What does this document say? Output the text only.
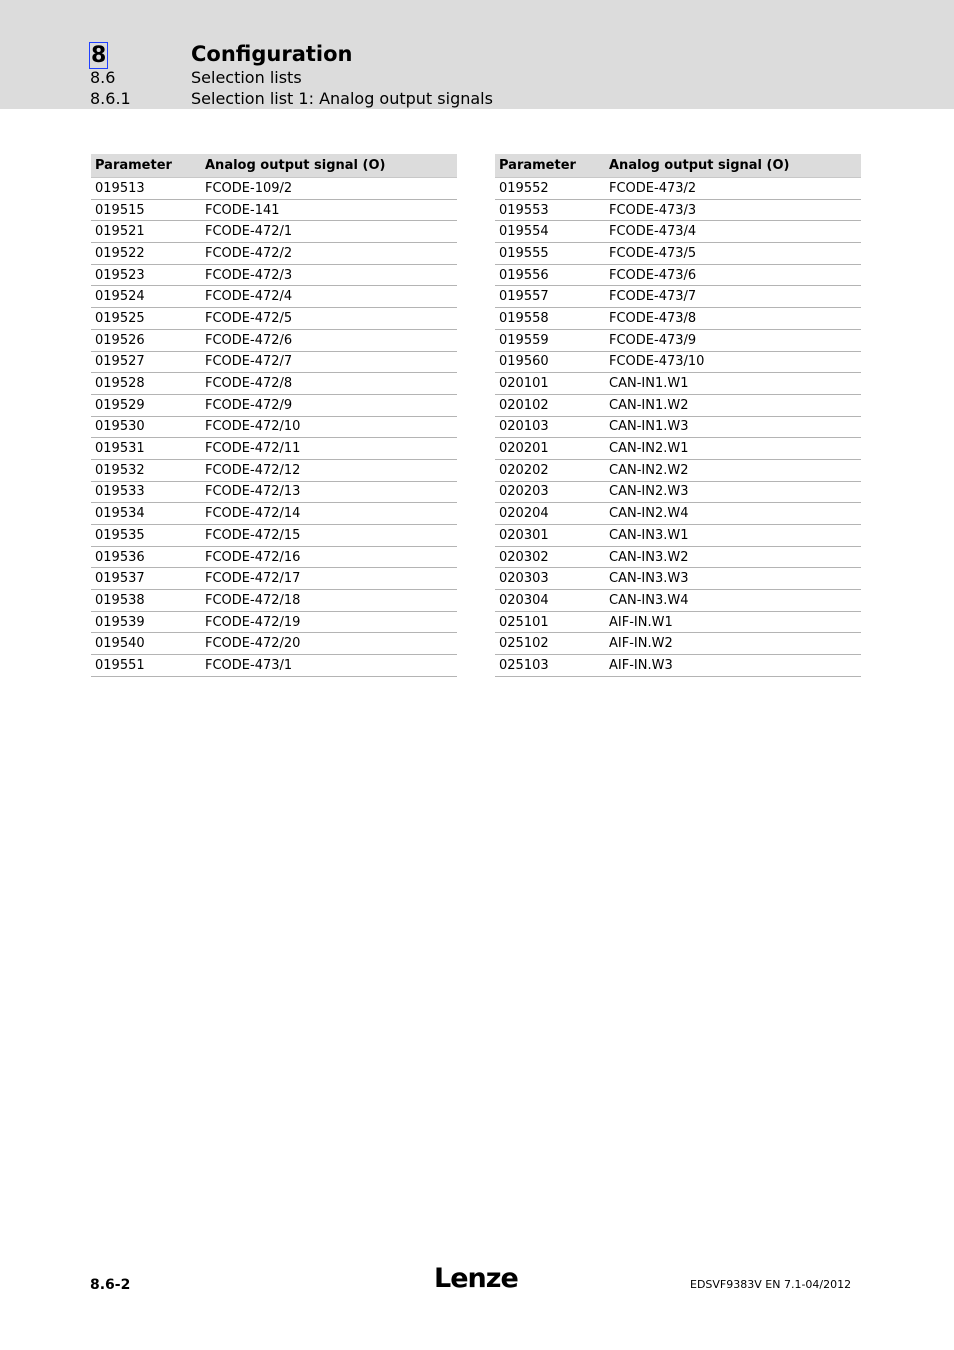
8	Configuration
8.6	Selection lists
8.6.1	Selection list 1: Analog output signals
Parameter	Analog output signal (O)
019513	FCODE-109/2
019515	FCODE-141
019521	FCODE-472/1
019522	FCODE-472/2
019523	FCODE-472/3
019524	FCODE-472/4
019525	FCODE-472/5
019526	FCODE-472/6
019527	FCODE-472/7
019528	FCODE-472/8
019529	FCODE-472/9
019530	FCODE-472/10
019531	FCODE-472/11
019532	FCODE-472/12
019533	FCODE-472/13
019534	FCODE-472/14
019535	FCODE-472/15
019536	FCODE-472/16
019537	FCODE-472/17
019538	FCODE-472/18
019539	FCODE-472/19
019540	FCODE-472/20
019551	FCODE-473/1
Parameter	Analog output signal (O)
019552	FCODE-473/2
019553	FCODE-473/3
019554	FCODE-473/4
019555	FCODE-473/5
019556	FCODE-473/6
019557	FCODE-473/7
019558	FCODE-473/8
019559	FCODE-473/9
019560	FCODE-473/10
020101	CAN-IN1.W1
020102	CAN-IN1.W2
020103	CAN-IN1.W3
020201	CAN-IN2.W1
020202	CAN-IN2.W2
020203	CAN-IN2.W3
020204	CAN-IN2.W4
020301	CAN-IN3.W1
020302	CAN-IN3.W2
020303	CAN-IN3.W3
020304	CAN-IN3.W4
025101	AIF-IN.W1
025102	AIF-IN.W2
025103	AIF-IN.W3
8.6-2	Lenze	EDSVF9383V EN 7.1-04/2012
